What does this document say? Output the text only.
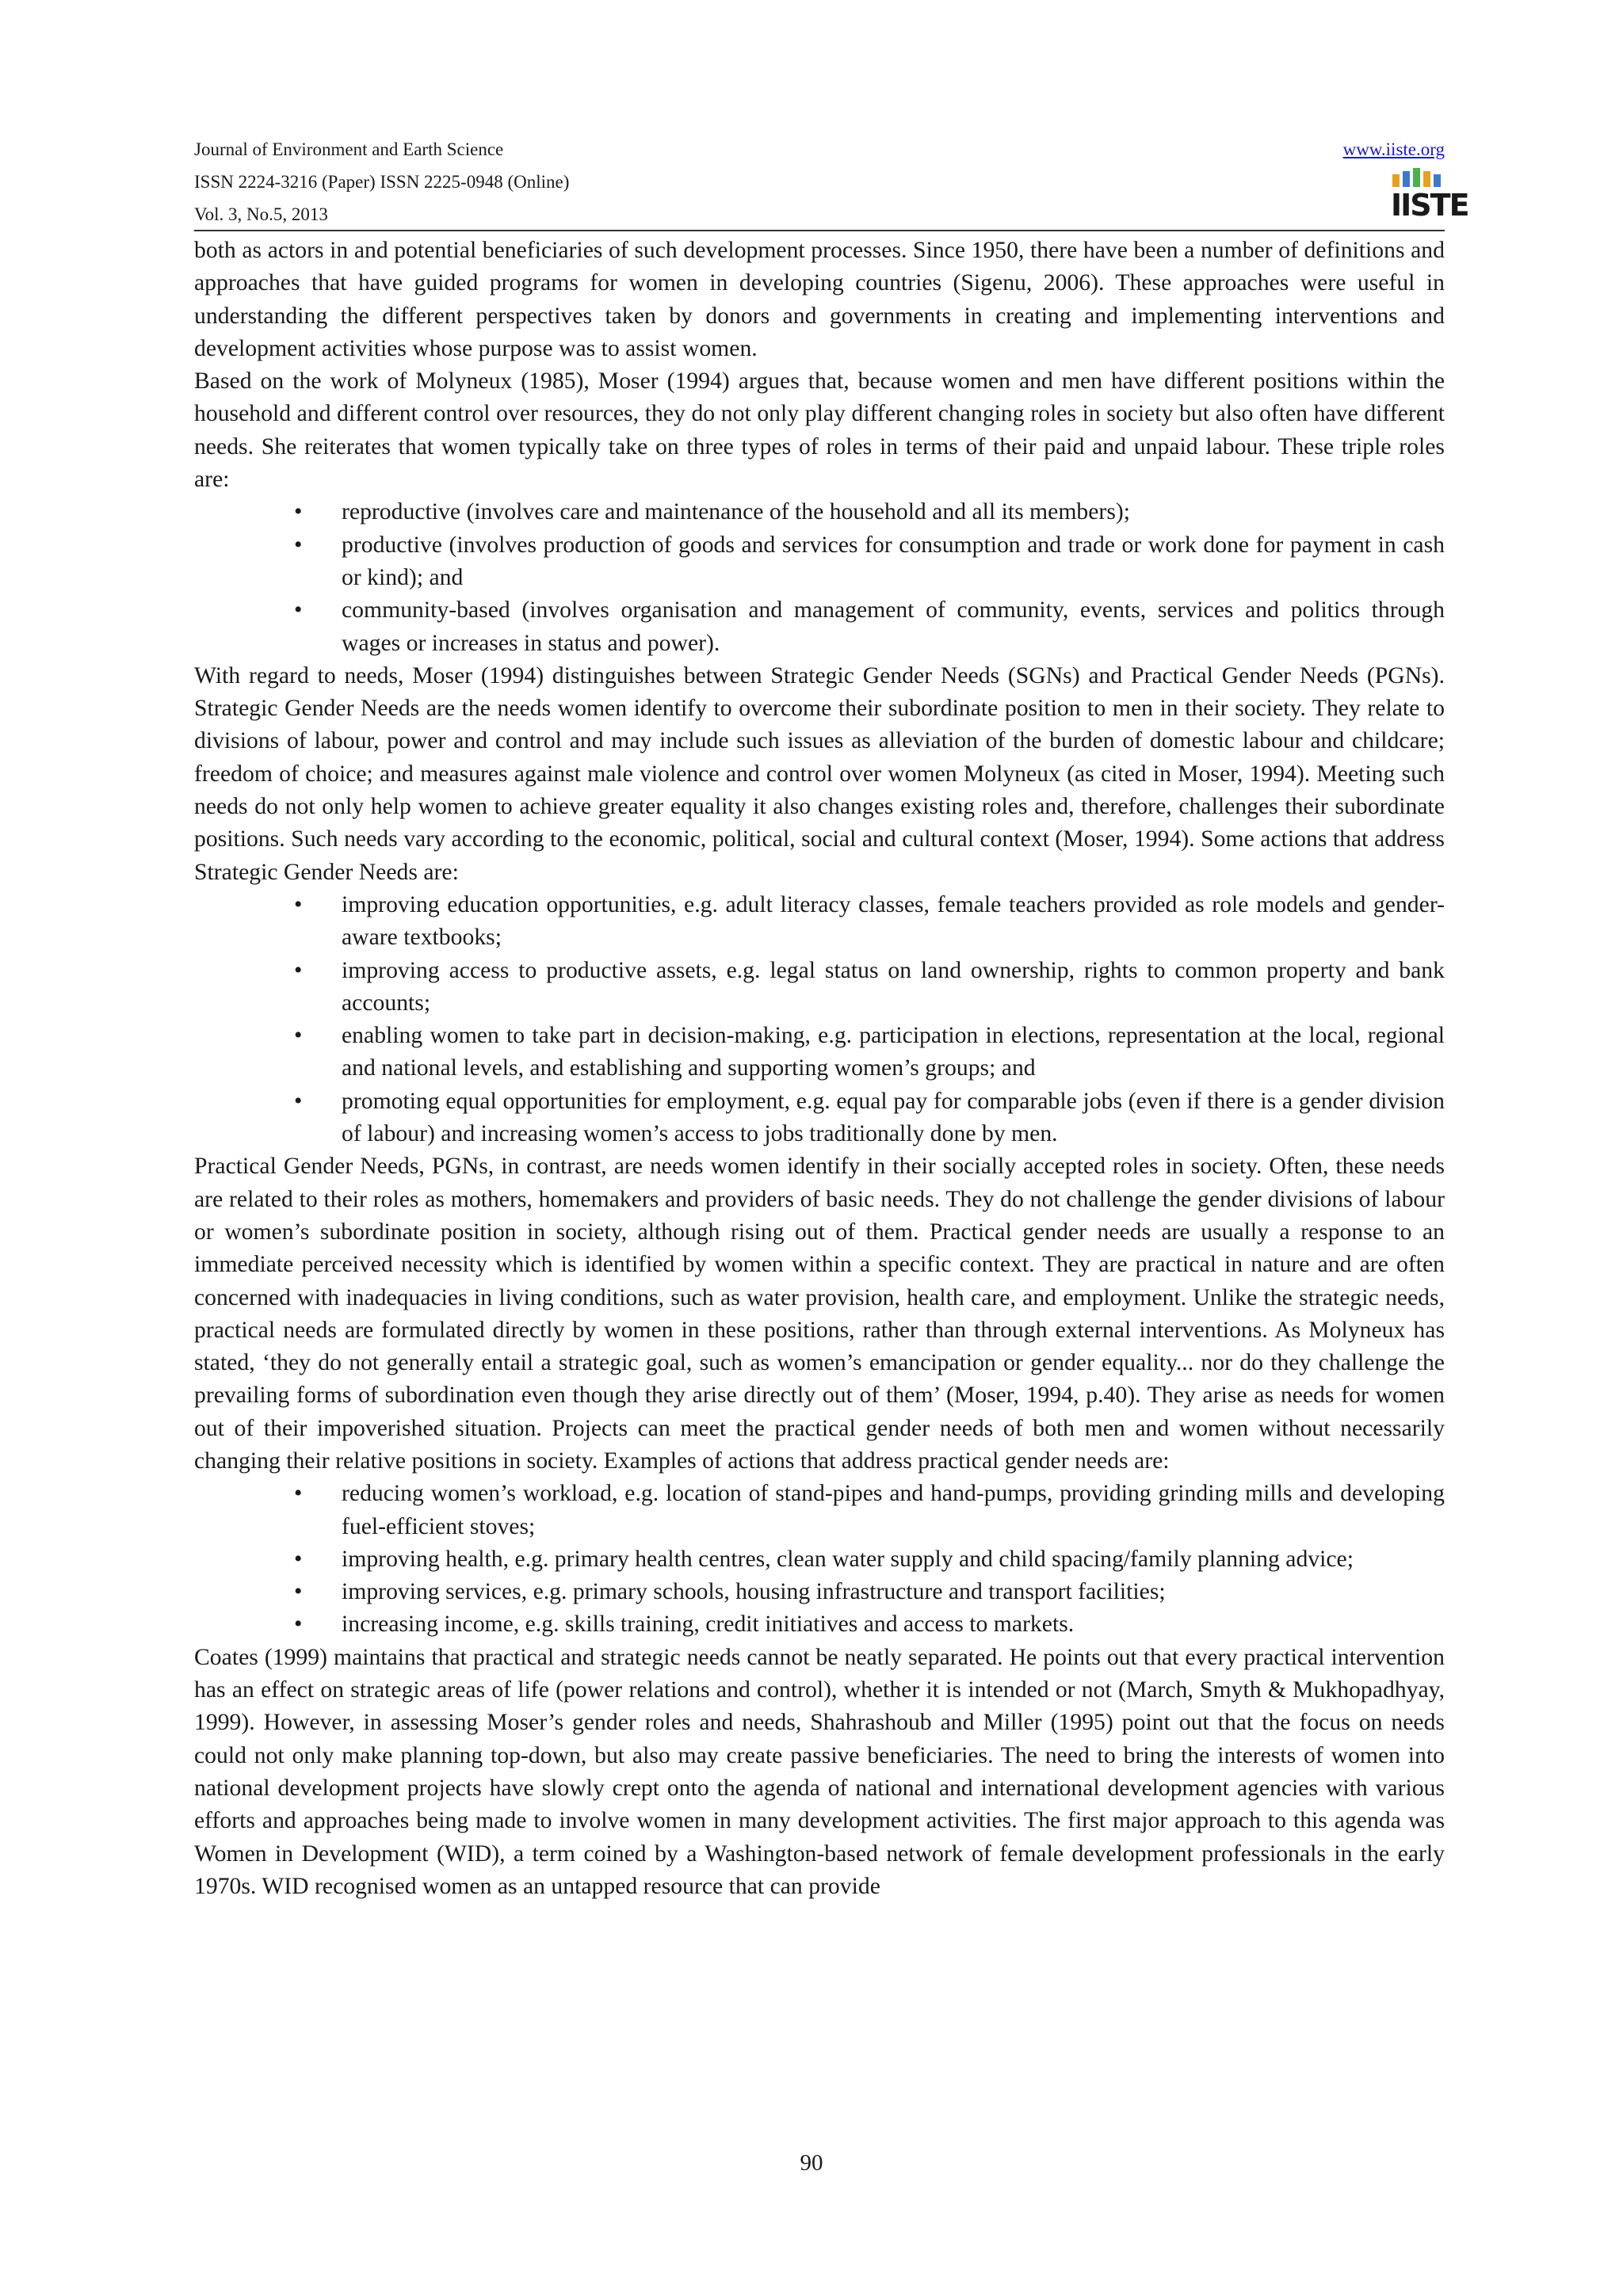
Journal of Environment and Earth Science
ISSN 2224-3216 (Paper) ISSN 2225-0948 (Online)
Vol. 3, No.5, 2013
www.iiste.org
IISTE

both as actors in and potential beneficiaries of such development processes. Since 1950, there have been a number of definitions and approaches that have guided programs for women in developing countries (Sigenu, 2006). These approaches were useful in understanding the different perspectives taken by donors and governments in creating and implementing interventions and development activities whose purpose was to assist women.

Based on the work of Molyneux (1985), Moser (1994) argues that, because women and men have different positions within the household and different control over resources, they do not only play different changing roles in society but also often have different needs. She reiterates that women typically take on three types of roles in terms of their paid and unpaid labour. These triple roles are:

• reproductive (involves care and maintenance of the household and all its members);
• productive (involves production of goods and services for consumption and trade or work done for payment in cash or kind); and
• community-based (involves organisation and management of community, events, services and politics through wages or increases in status and power).

With regard to needs, Moser (1994) distinguishes between Strategic Gender Needs (SGNs) and Practical Gender Needs (PGNs). Strategic Gender Needs are the needs women identify to overcome their subordinate position to men in their society. They relate to divisions of labour, power and control and may include such issues as alleviation of the burden of domestic labour and childcare; freedom of choice; and measures against male violence and control over women Molyneux (as cited in Moser, 1994). Meeting such needs do not only help women to achieve greater equality it also changes existing roles and, therefore, challenges their subordinate positions. Such needs vary according to the economic, political, social and cultural context (Moser, 1994). Some actions that address Strategic Gender Needs are:

• improving education opportunities, e.g. adult literacy classes, female teachers provided as role models and gender-aware textbooks;
• improving access to productive assets, e.g. legal status on land ownership, rights to common property and bank accounts;
• enabling women to take part in decision-making, e.g. participation in elections, representation at the local, regional and national levels, and establishing and supporting women’s groups; and
• promoting equal opportunities for employment, e.g. equal pay for comparable jobs (even if there is a gender division of labour) and increasing women’s access to jobs traditionally done by men.

Practical Gender Needs, PGNs, in contrast, are needs women identify in their socially accepted roles in society. Often, these needs are related to their roles as mothers, homemakers and providers of basic needs. They do not challenge the gender divisions of labour or women’s subordinate position in society, although rising out of them. Practical gender needs are usually a response to an immediate perceived necessity which is identified by women within a specific context. They are practical in nature and are often concerned with inadequacies in living conditions, such as water provision, health care, and employment. Unlike the strategic needs, practical needs are formulated directly by women in these positions, rather than through external interventions. As Molyneux has stated, ‘they do not generally entail a strategic goal, such as women’s emancipation or gender equality... nor do they challenge the prevailing forms of subordination even though they arise directly out of them’ (Moser, 1994, p.40). They arise as needs for women out of their impoverished situation. Projects can meet the practical gender needs of both men and women without necessarily changing their relative positions in society. Examples of actions that address practical gender needs are:

• reducing women’s workload, e.g. location of stand-pipes and hand-pumps, providing grinding mills and developing fuel-efficient stoves;
• improving health, e.g. primary health centres, clean water supply and child spacing/family planning advice;
• improving services, e.g. primary schools, housing infrastructure and transport facilities;
• increasing income, e.g. skills training, credit initiatives and access to markets.

Coates (1999) maintains that practical and strategic needs cannot be neatly separated. He points out that every practical intervention has an effect on strategic areas of life (power relations and control), whether it is intended or not (March, Smyth & Mukhopadhyay, 1999). However, in assessing Moser’s gender roles and needs, Shahrashoub and Miller (1995) point out that the focus on needs could not only make planning top-down, but also may create passive beneficiaries. The need to bring the interests of women into national development projects have slowly crept onto the agenda of national and international development agencies with various efforts and approaches being made to involve women in many development activities. The first major approach to this agenda was Women in Development (WID), a term coined by a Washington-based network of female development professionals in the early 1970s. WID recognised women as an untapped resource that can provide

90
